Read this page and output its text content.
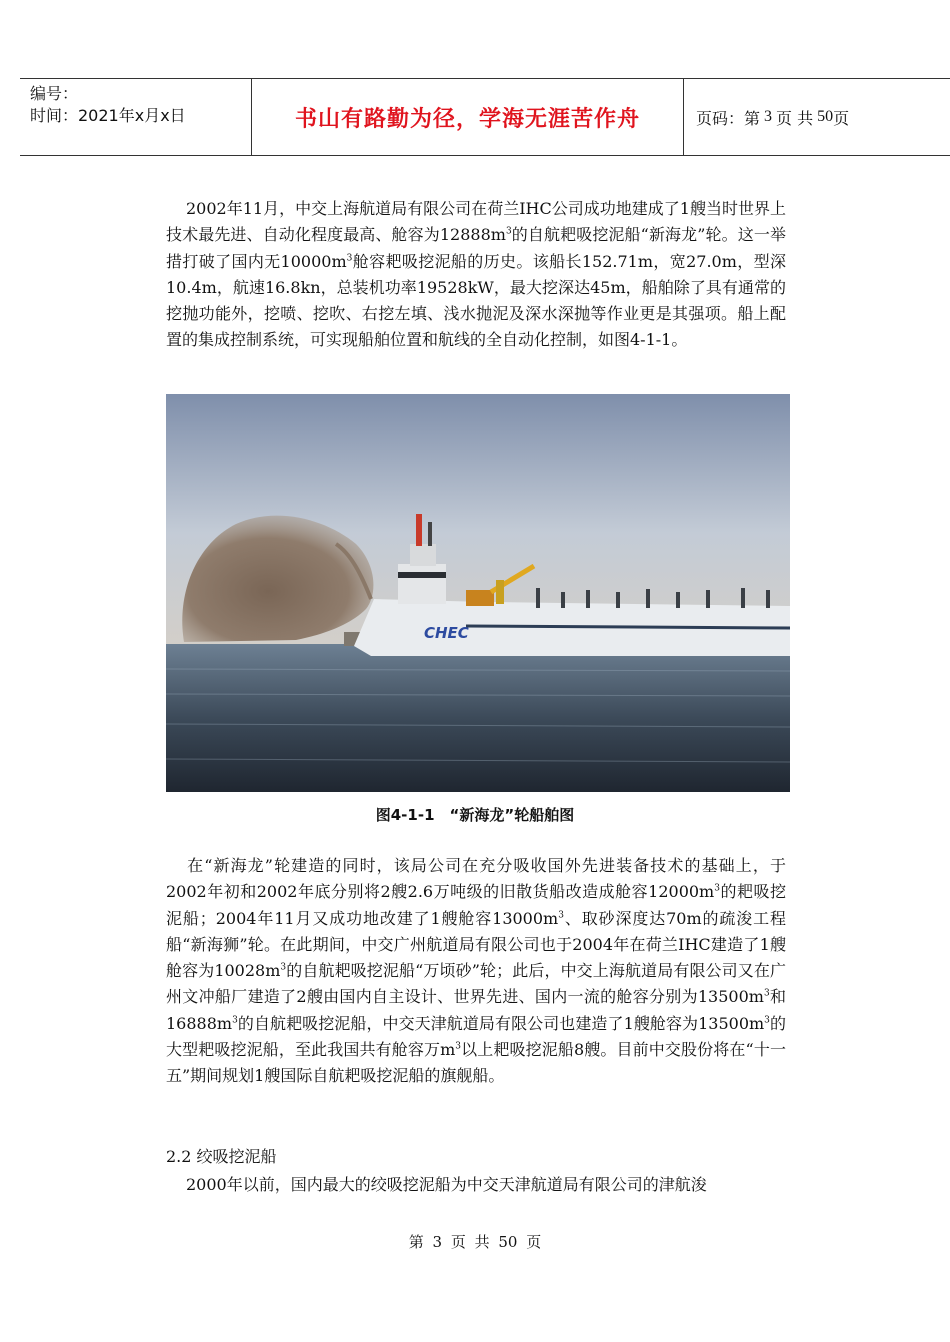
编号：
时间：2021年x月x日	书山有路勤为径，学海无涯苦作舟	页码：第 3 页 共 50 页

2002年11月，中交上海航道局有限公司在荷兰IHC公司成功地建成了1艘当时世界上技术最先进、自动化程度最高、舱容为$12888m^3$的自航耙吸挖泥船“新海龙”轮。这一举措打破了国内无$10000m^3$舱容耙吸挖泥船的历史。该船长152.71m，宽27.0m，型深10.4m，航速16.8kn，总装机功率19528kW，最大挖深达45m，船舶除了具有通常的挖抛功能外，挖喷、挖吹、右挖左填、浅水抛泥及深水深抛等作业更是其强项。船上配置的集成控制系统，可实现船舶位置和航线的全自动化控制，如图4-1-1。

CHEC
图4-1-1　“新海龙”轮船舶图

在“新海龙”轮建造的同时，该局公司在充分吸收国外先进装备技术的基础上，于2002年初和2002年底分别将2艘2.6万吨级的旧散货船改造成舱容$12000m^3$的耙吸挖泥船；2004年11月又成功地改建了1艘舱容$13000m^3$、取砂深度达70m的疏浚工程船“新海狮”轮。在此期间，中交广州航道局有限公司也于2004年在荷兰IHC建造了1艘舱容为$10028m^3$的自航耙吸挖泥船“万顷砂”轮；此后，中交上海航道局有限公司又在广州文冲船厂建造了2艘由国内自主设计、世界先进、国内一流的舱容分别为$13500m^3$和$16888m^3$的自航耙吸挖泥船，中交天津航道局有限公司也建造了1艘舱容为$13500m^3$的大型耙吸挖泥船，至此我国共有舱容万$m^3$以上耙吸挖泥船8艘。目前中交股份将在“十一五”期间规划1艘国际自航耙吸挖泥船的旗舰船。

2.2 绞吸挖泥船

2000年以前，国内最大的绞吸挖泥船为中交天津航道局有限公司的津航浚

第 3 页 共 50 页
